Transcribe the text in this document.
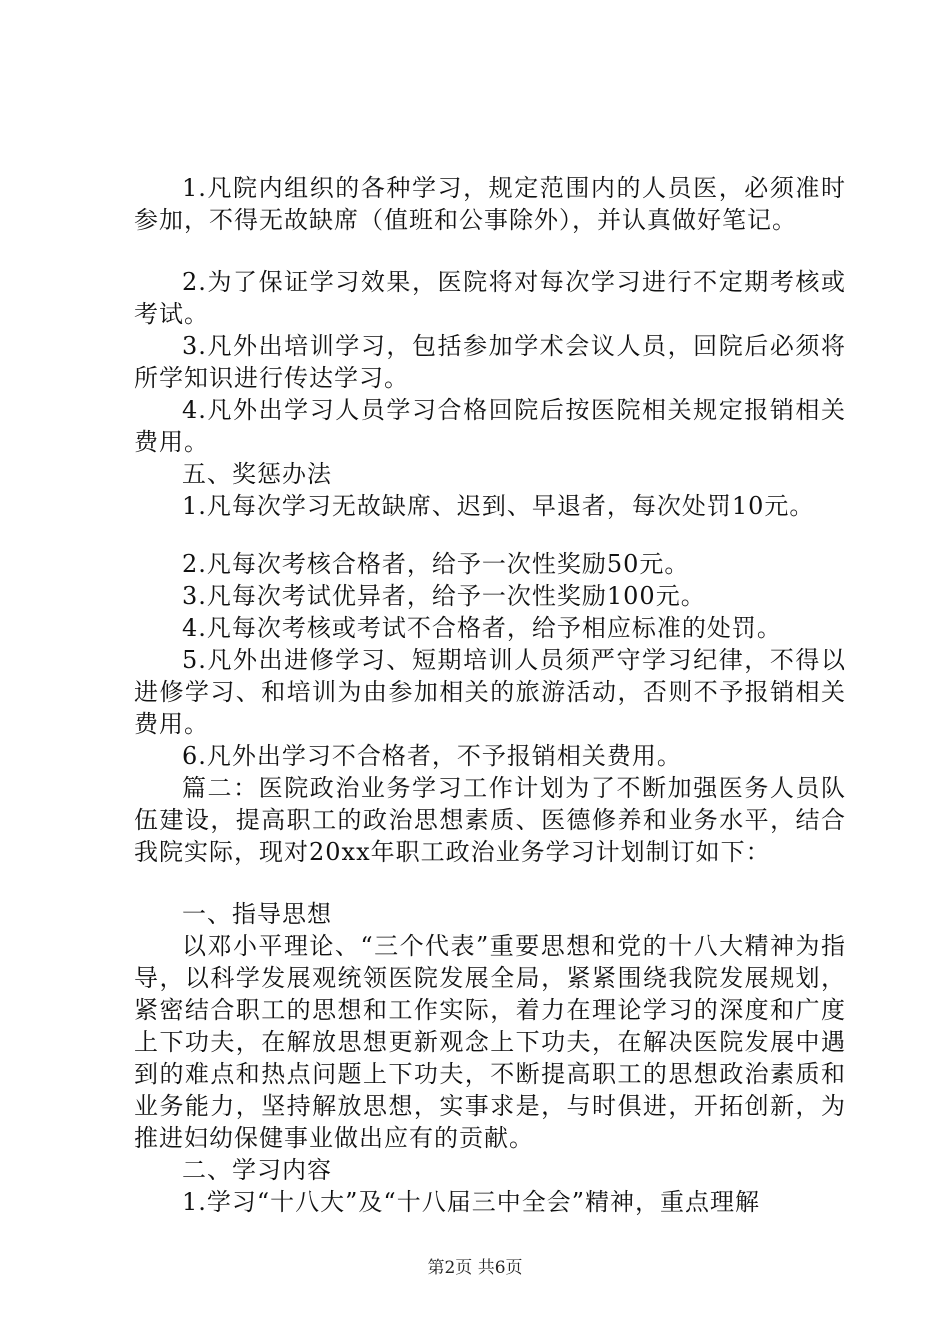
1.凡院内组织的各种学习，规定范围内的人员医，必须准时参加，不得无故缺席（值班和公事除外），并认真做好笔记。

2.为了保证学习效果，医院将对每次学习进行不定期考核或考试。

3.凡外出培训学习，包括参加学术会议人员，回院后必须将所学知识进行传达学习。

4.凡外出学习人员学习合格回院后按医院相关规定报销相关费用。

五、奖惩办法

1.凡每次学习无故缺席、迟到、早退者，每次处罚10元。

2.凡每次考核合格者，给予一次性奖励50元。

3.凡每次考试优异者，给予一次性奖励100元。

4.凡每次考核或考试不合格者，给予相应标准的处罚。

5.凡外出进修学习、短期培训人员须严守学习纪律，不得以进修学习、和培训为由参加相关的旅游活动，否则不予报销相关费用。

6.凡外出学习不合格者，不予报销相关费用。

篇二：医院政治业务学习工作计划为了不断加强医务人员队伍建设，提高职工的政治思想素质、医德修养和业务水平，结合我院实际，现对20xx年职工政治业务学习计划制订如下：

一、指导思想

以邓小平理论、“三个代表”重要思想和党的十八大精神为指导，以科学发展观统领医院发展全局，紧紧围绕我院发展规划，紧密结合职工的思想和工作实际，着力在理论学习的深度和广度上下功夫，在解放思想更新观念上下功夫，在解决医院发展中遇到的难点和热点问题上下功夫，不断提高职工的思想政治素质和业务能力，坚持解放思想，实事求是，与时俱进，开拓创新，为推进妇幼保健事业做出应有的贡献。

二、学习内容

1.学习“十八大”及“十八届三中全会”精神，重点理解

第2页 共6页
